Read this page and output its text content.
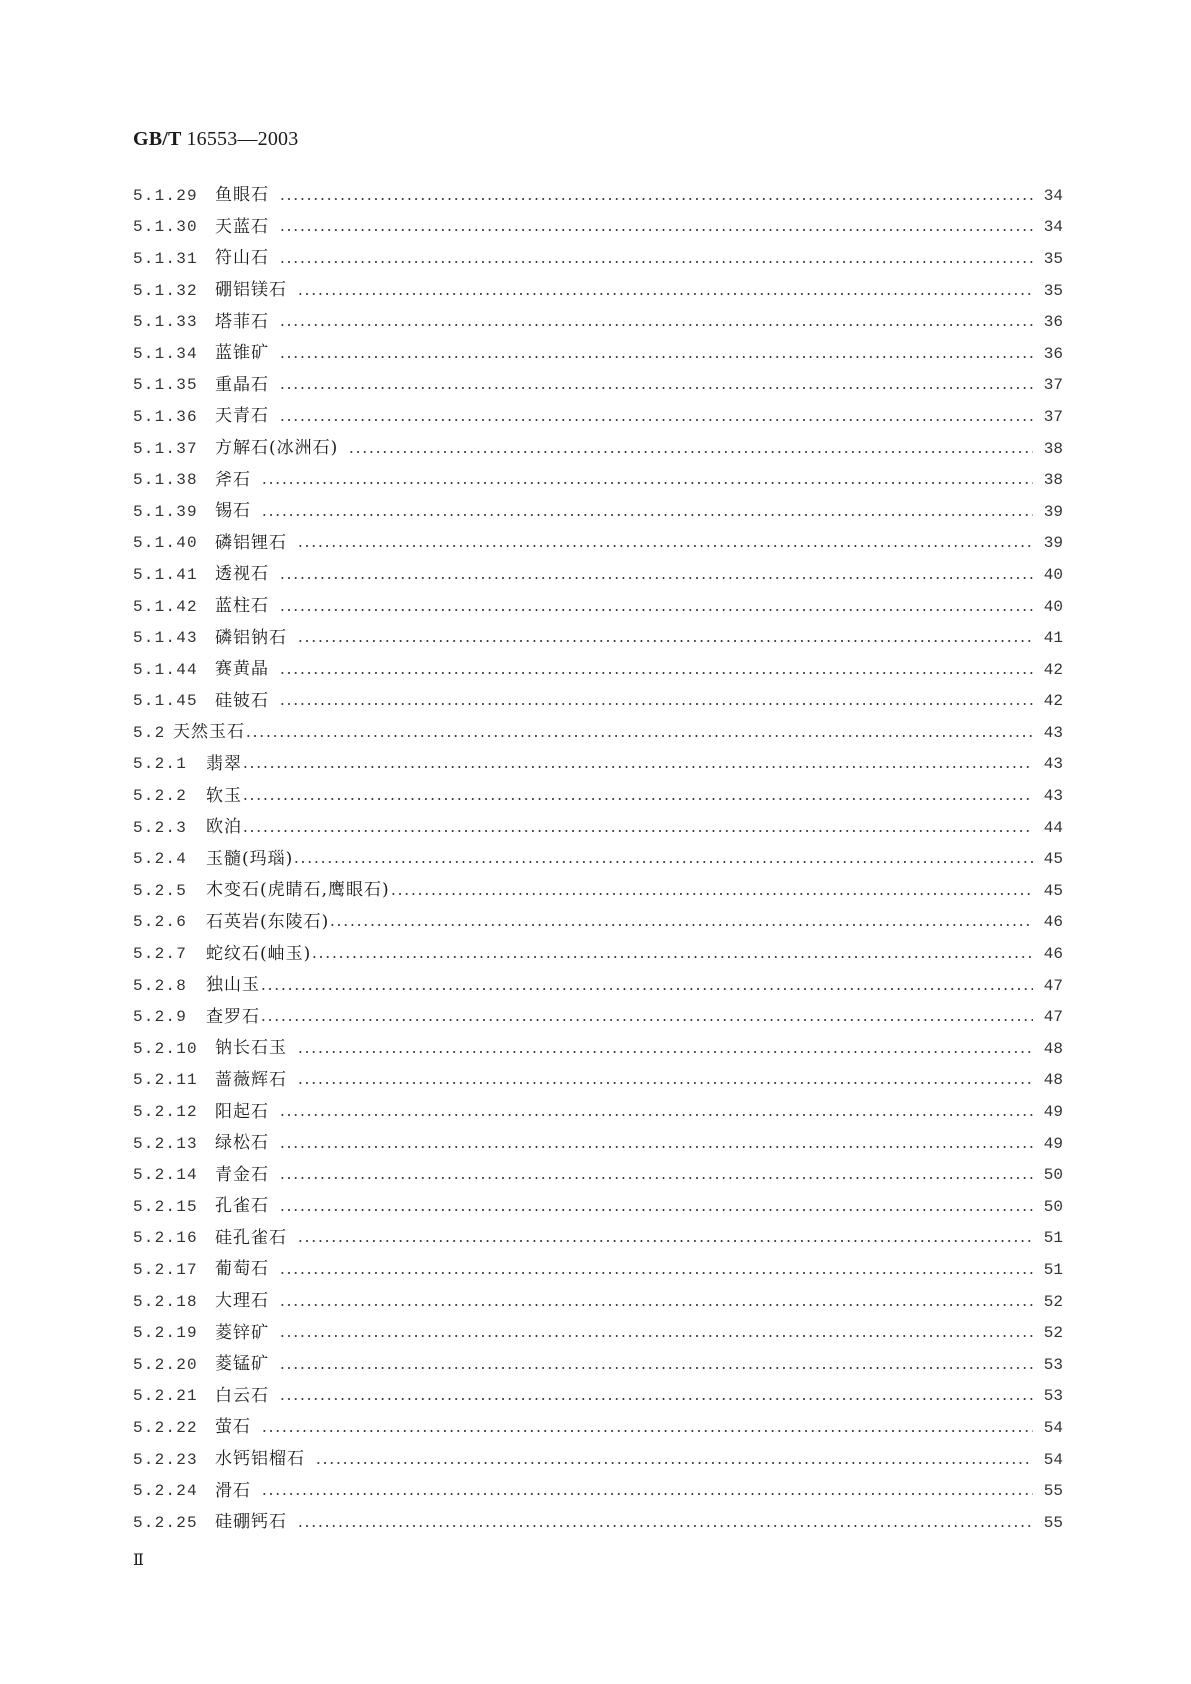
GB/T 16553—2003
5.1.29	鱼眼石	34
5.1.30	天蓝石	34
5.1.31	符山石	35
5.1.32	硼铝镁石	35
5.1.33	塔菲石	36
5.1.34	蓝锥矿	36
5.1.35	重晶石	37
5.1.36	天青石	37
5.1.37	方解石(冰洲石)	38
5.1.38	斧石	38
5.1.39	锡石	39
5.1.40	磷铝锂石	39
5.1.41	透视石	40
5.1.42	蓝柱石	40
5.1.43	磷铝钠石	41
5.1.44	赛黄晶	42
5.1.45	硅铍石	42
5.2 天然玉石	43
5.2.1	翡翠	43
5.2.2	软玉	43
5.2.3	欧泊	44
5.2.4	玉髓(玛瑙)	45
5.2.5	木变石(虎睛石,鹰眼石)	45
5.2.6	石英岩(东陵石)	46
5.2.7	蛇纹石(岫玉)	46
5.2.8	独山玉	47
5.2.9	查罗石	47
5.2.10	钠长石玉	48
5.2.11	蔷薇辉石	48
5.2.12	阳起石	49
5.2.13	绿松石	49
5.2.14	青金石	50
5.2.15	孔雀石	50
5.2.16	硅孔雀石	51
5.2.17	葡萄石	51
5.2.18	大理石	52
5.2.19	菱锌矿	52
5.2.20	菱锰矿	53
5.2.21	白云石	53
5.2.22	萤石	54
5.2.23	水钙铝榴石	54
5.2.24	滑石	55
5.2.25	硅硼钙石	55
Ⅱ
